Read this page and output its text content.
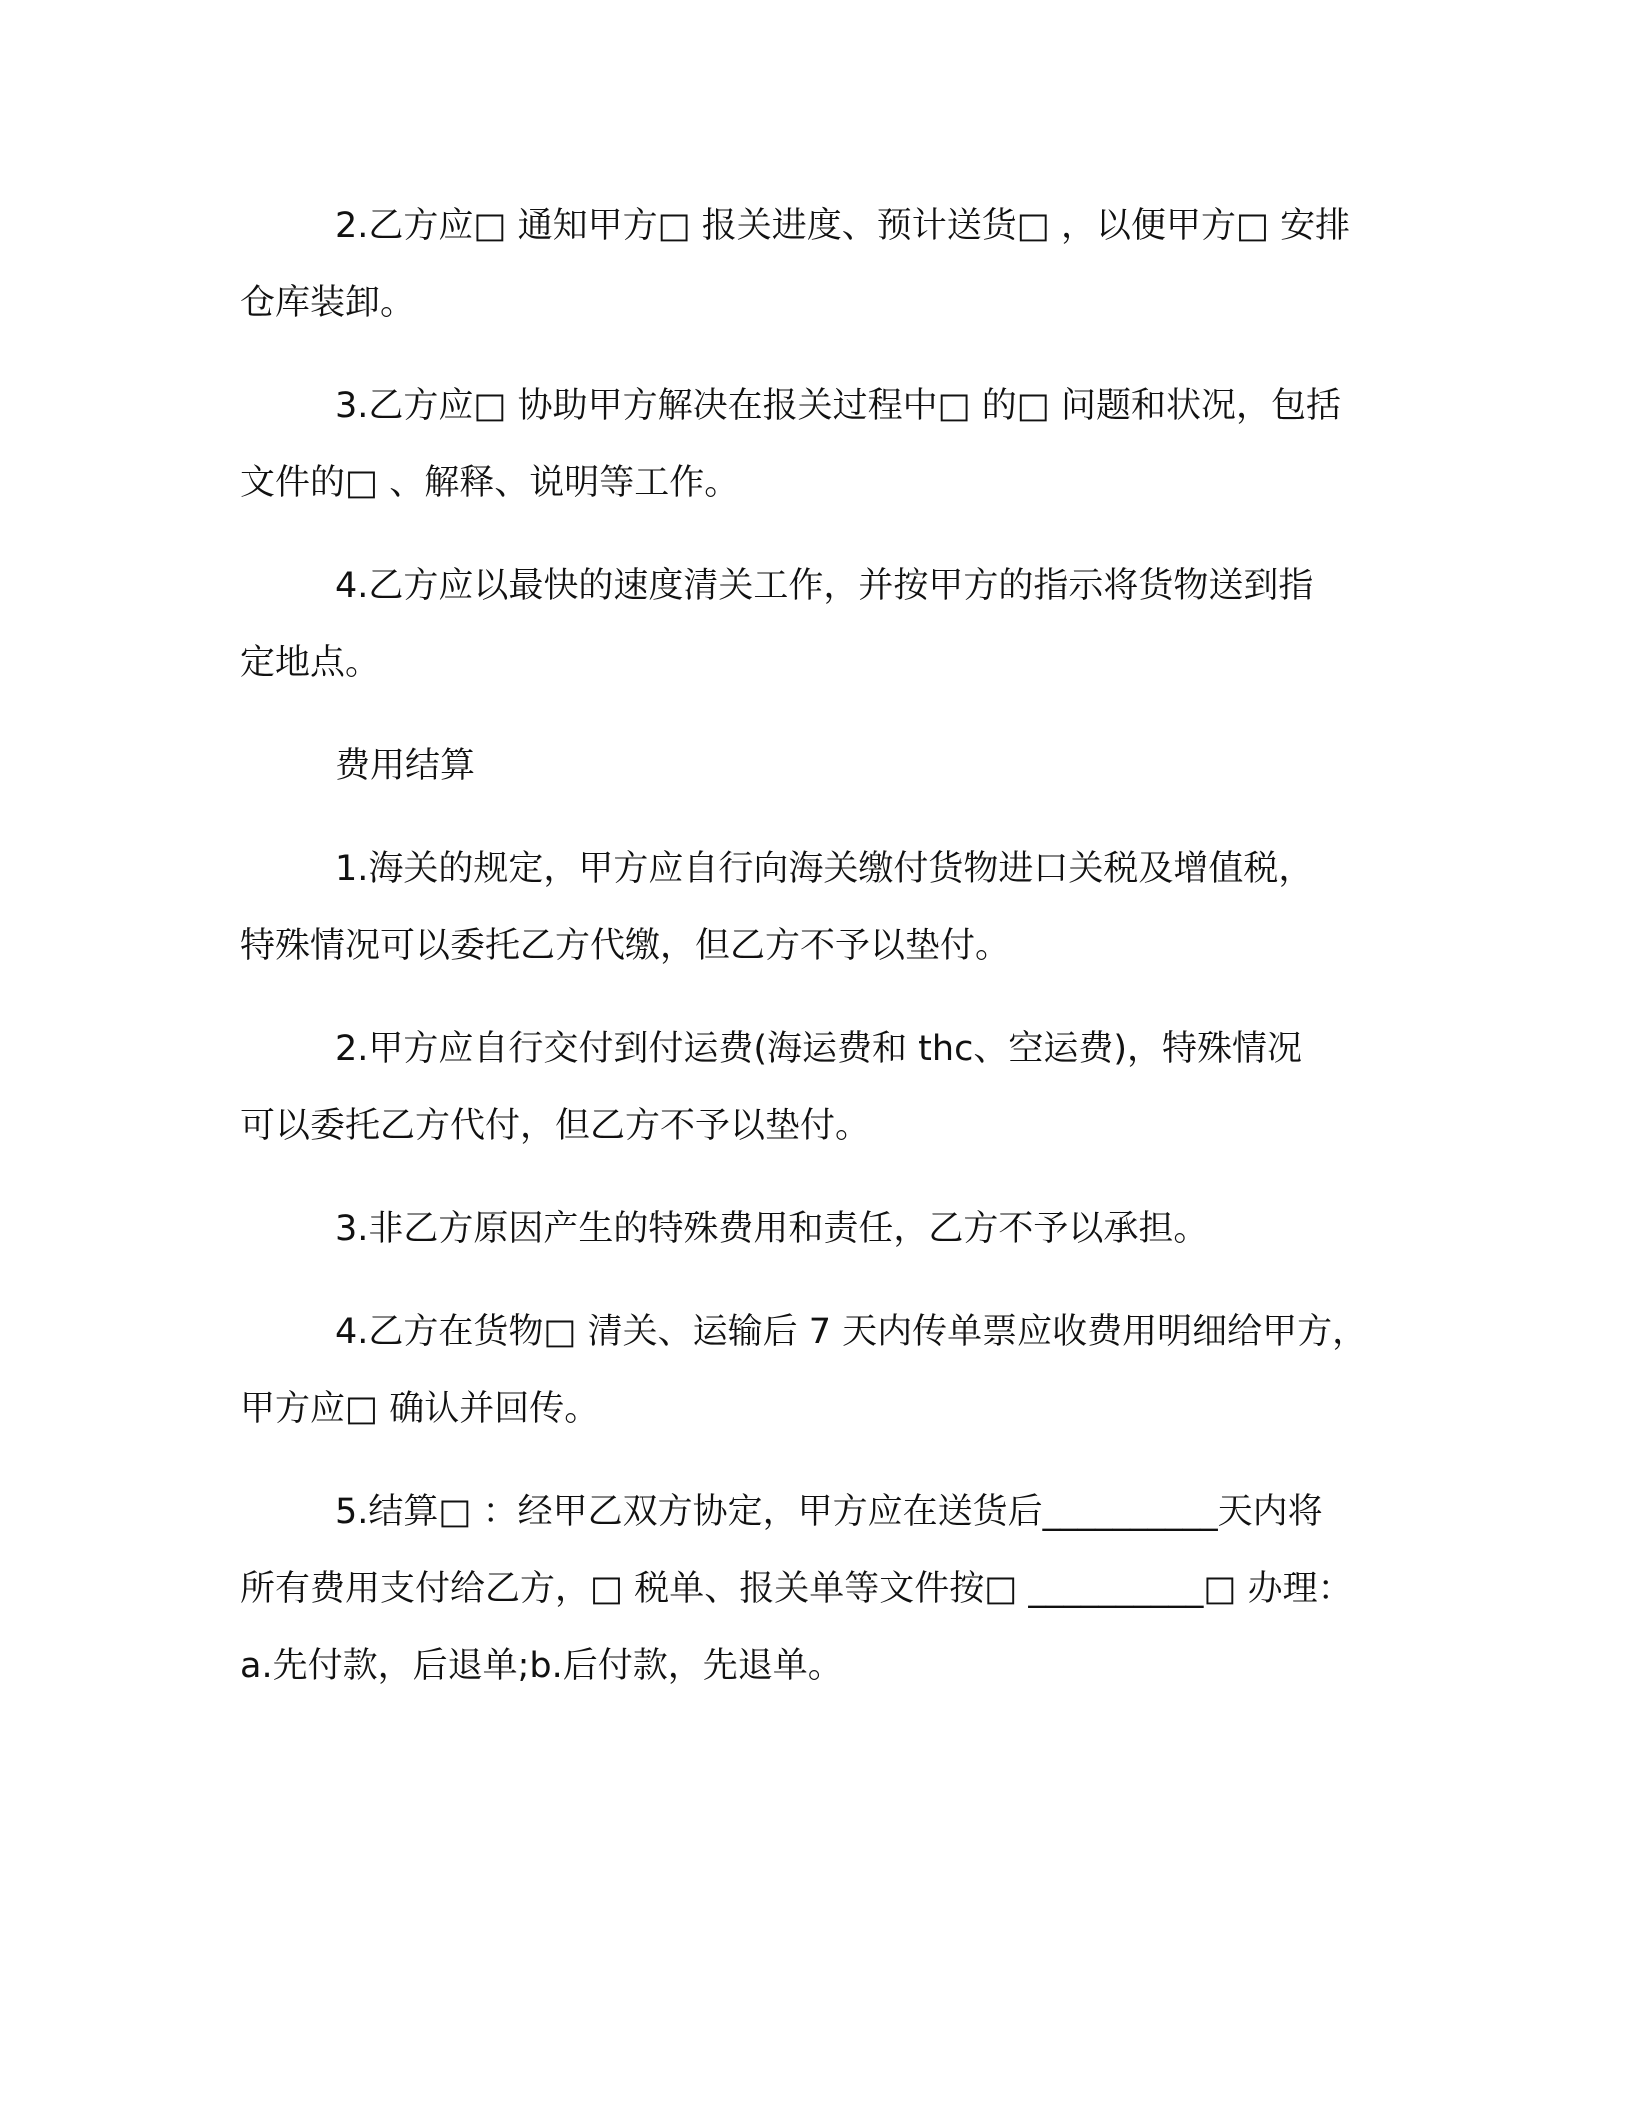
2.乙方应□ 通知甲方□ 报关进度、预计送货□ ，以便甲方□ 安排
仓库装卸。
3.乙方应□ 协助甲方解决在报关过程中□ 的□ 问题和状况，包括
文件的□ 、解释、说明等工作。
4.乙方应以最快的速度清关工作，并按甲方的指示将货物送到指
定地点。
费用结算
1.海关的规定，甲方应自行向海关缴付货物进口关税及增值税，
特殊情况可以委托乙方代缴，但乙方不予以垫付。
2.甲方应自行交付到付运费(海运费和 thc、空运费)，特殊情况
可以委托乙方代付，但乙方不予以垫付。
3.非乙方原因产生的特殊费用和责任，乙方不予以承担。
4.乙方在货物□ 清关、运输后 7 天内传单票应收费用明细给甲方，
甲方应□ 确认并回传。
5.结算□ ：经甲乙双方协定，甲方应在送货后__________天内将
所有费用支付给乙方，□ 税单、报关单等文件按□ __________□ 办理：
a.先付款，后退单;b.后付款，先退单。
